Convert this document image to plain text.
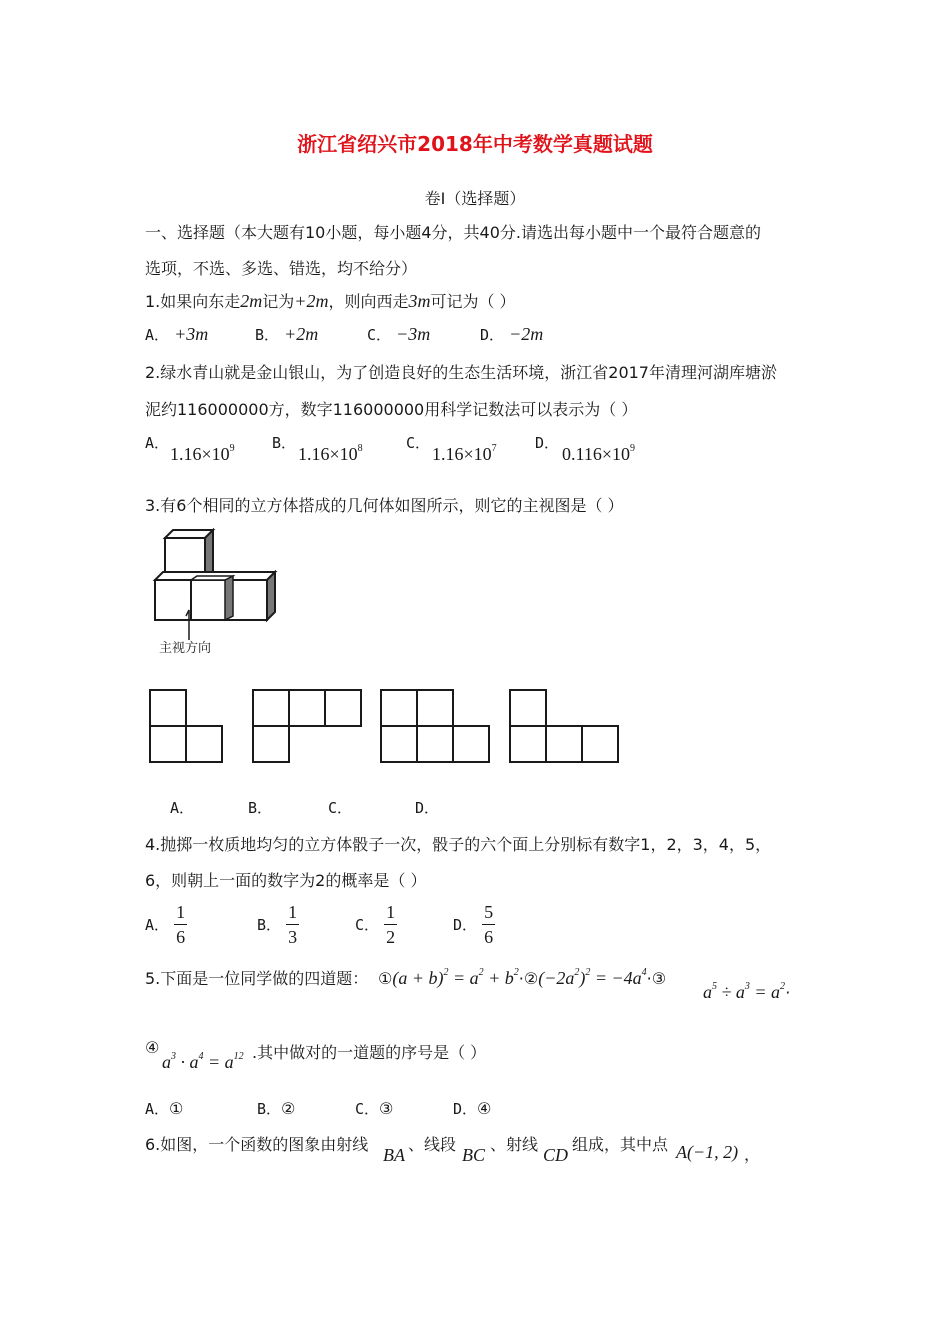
浙江省绍兴市2018年中考数学真题试题
卷Ⅰ（选择题）
一、选择题（本大题有10小题，每小题4分，共40分.请选出每小题中一个最符合题意的
选项，不选、多选、错选，均不给分）
1.如果向东走2m记为+2m，则向西走3m可记为（ ）
A． +3m	B． +2m	C． −3m	D． −2m
2.绿水青山就是金山银山，为了创造良好的生态生活环境，浙江省2017年清理河湖库塘淤
泥约116000000方，数字116000000用科学记数法可以表示为（ ）
A．
$1.16\times 10^9$ B．
$1.16\times 10^8$	C．
$1.16\times 10^7$	D．
$0.116\times 10^9$
3.有6个相同的立方体搭成的几何体如图所示，则它的主视图是（ ）
主视方向
A．	B．	C．	D．
4.抛掷一枚质地均匀的立方体骰子一次，骰子的六个面上分别标有数字1，2，3，4，5，
6，则朝上一面的数字为2的概率是（ ）
A． $\frac{1}{6}$	B． $\frac{1}{3}$	C． $\frac{1}{2}$	D． $\frac{5}{6}$
5.下面是一位同学做的四道题： ①(a + $b)^2 = a^2$ + $b^2\cdot ②(-2a^2)^2$ = $-4a^4\cdot ③$
$a^5 \div a^3 = a^2\cdot$
④
$a^3 \cdot a^4 = a^{12}$ .其中做对的一道题的序号是（ ）
A．①	B．②	C．③	D．④
6.如图，一个函数的图象由射线
BA
、线段
BC
、射线
CD
组成，其中点 A(−1, 2) ，
